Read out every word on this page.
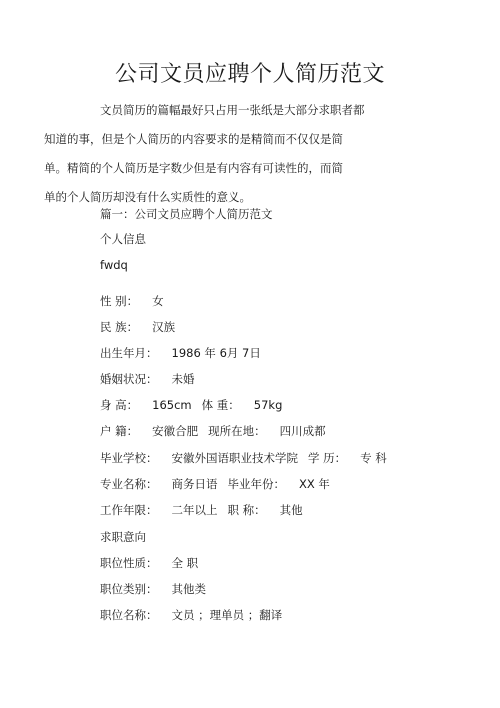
公司文员应聘个人简历范文
文员简历的篇幅最好只占用一张纸是大部分求职者都
知道的事，但是个人简历的内容要求的是精简而不仅仅是简
单。精简的个人简历是字数少但是有内容有可读性的，而简
单的个人简历却没有什么实质性的意义。
篇一：公司文员应聘个人简历范文
个人信息
fwdq
性 别： 女
民 族： 汉族
出生年月： 1986 年 6月 7日
婚姻状况： 未婚
身 高： 165cm 体 重： 57kg
户 籍： 安徽合肥 现所在地： 四川成都
毕业学校： 安徽外国语职业技术学院 学 历： 专 科
专业名称： 商务日语 毕业年份： XX 年
工作年限： 二年以上 职 称： 其他
求职意向
职位性质： 全 职
职位类别： 其他类
职位名称： 文员 ；理单员 ；翻译
